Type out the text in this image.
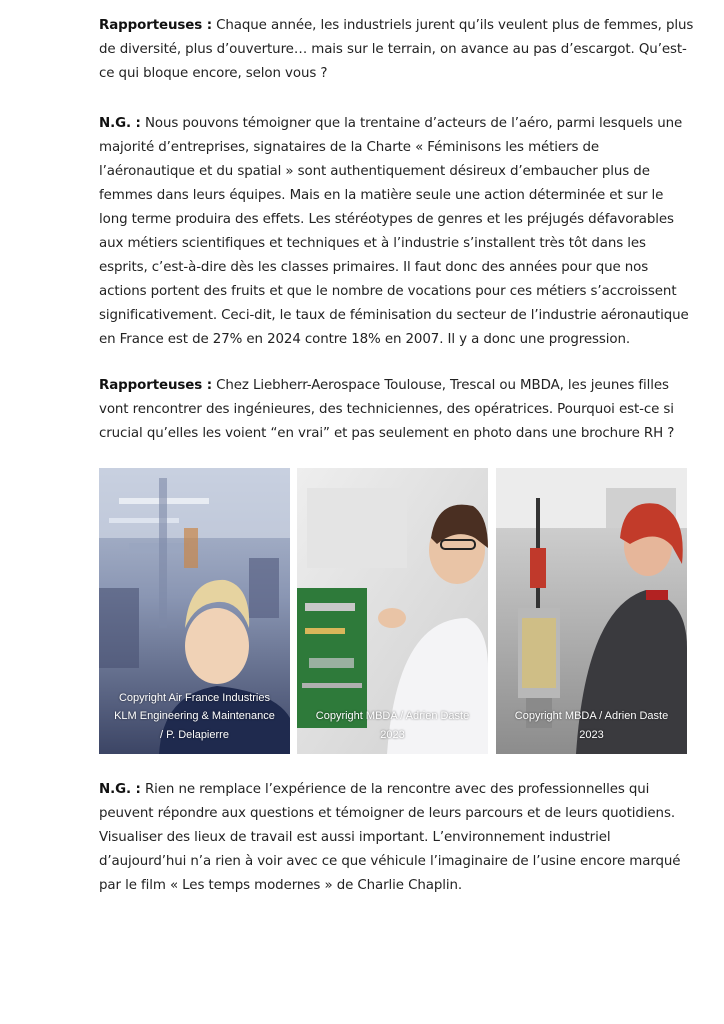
Rapporteuses : Chaque année, les industriels jurent qu’ils veulent plus de femmes, plus de diversité, plus d’ouverture… mais sur le terrain, on avance au pas d’escargot. Qu’est-ce qui bloque encore, selon vous ?

N.G. : Nous pouvons témoigner que la trentaine d’acteurs de l’aéro, parmi lesquels une majorité d’entreprises, signataires de la Charte « Féminisons les métiers de l’aéronautique et du spatial » sont authentiquement désireux d’embaucher plus de femmes dans leurs équipes. Mais en la matière seule une action déterminée et sur le long terme produira des effets. Les stéréotypes de genres et les préjugés défavorables aux métiers scientifiques et techniques et à l’industrie s’installent très tôt dans les esprits, c’est-à-dire dès les classes primaires. Il faut donc des années pour que nos actions portent des fruits et que le nombre de vocations pour ces métiers s’accroissent significativement. Ceci-dit, le taux de féminisation du secteur de l’industrie aéronautique en France est de 27% en 2024 contre 18% en 2007. Il y a donc une progression.

Rapporteuses : Chez Liebherr-Aerospace Toulouse, Trescal ou MBDA, les jeunes filles vont rencontrer des ingénieures, des techniciennes, des opératrices. Pourquoi est-ce si crucial qu’elles les voient “en vrai” et pas seulement en photo dans une brochure RH ?

Copyright Air France Industries KLM Engineering & Maintenance / P. Delapierre
Copyright MBDA / Adrien Daste 2023
Copyright MBDA / Adrien Daste 2023

N.G. : Rien ne remplace l’expérience de la rencontre avec des professionnelles qui peuvent répondre aux questions et témoigner de leurs parcours et de leurs quotidiens. Visualiser des lieux de travail est aussi important. L’environnement industriel d’aujourd’hui n’a rien à voir avec ce que véhicule l’imaginaire de l’usine encore marqué par le film « Les temps modernes » de Charlie Chaplin.
